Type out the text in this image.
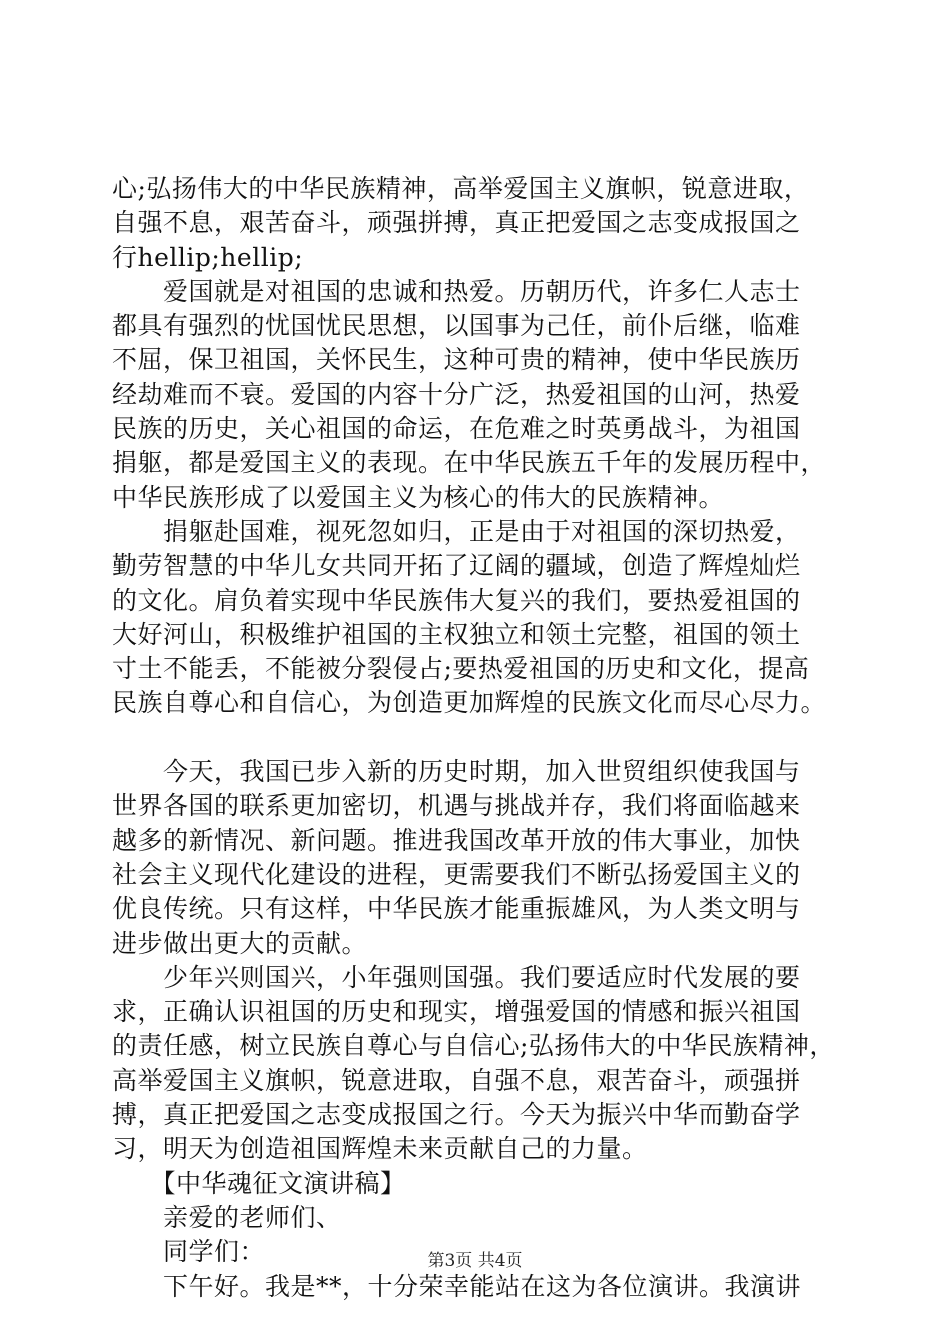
心;弘扬伟大的中华民族精神，高举爱国主义旗帜，锐意进取，
自强不息，艰苦奋斗，顽强拼搏，真正把爱国之志变成报国之
行hellip;hellip;
　　爱国就是对祖国的忠诚和热爱。历朝历代，许多仁人志士
都具有强烈的忧国忧民思想，以国事为己任，前仆后继，临难
不屈，保卫祖国，关怀民生，这种可贵的精神，使中华民族历
经劫难而不衰。爱国的内容十分广泛，热爱祖国的山河，热爱
民族的历史，关心祖国的命运，在危难之时英勇战斗，为祖国
捐躯，都是爱国主义的表现。在中华民族五千年的发展历程中，
中华民族形成了以爱国主义为核心的伟大的民族精神。
　　捐躯赴国难，视死忽如归，正是由于对祖国的深切热爱，
勤劳智慧的中华儿女共同开拓了辽阔的疆域，创造了辉煌灿烂
的文化。肩负着实现中华民族伟大复兴的我们，要热爱祖国的
大好河山，积极维护祖国的主权独立和领土完整，祖国的领土
寸土不能丢，不能被分裂侵占;要热爱祖国的历史和文化，提高
民族自尊心和自信心，为创造更加辉煌的民族文化而尽心尽力。
　　今天，我国已步入新的历史时期，加入世贸组织使我国与
世界各国的联系更加密切，机遇与挑战并存，我们将面临越来
越多的新情况、新问题。推进我国改革开放的伟大事业，加快
社会主义现代化建设的进程，更需要我们不断弘扬爱国主义的
优良传统。只有这样，中华民族才能重振雄风，为人类文明与
进步做出更大的贡献。
　　少年兴则国兴，小年强则国强。我们要适应时代发展的要
求，正确认识祖国的历史和现实，增强爱国的情感和振兴祖国
的责任感，树立民族自尊心与自信心;弘扬伟大的中华民族精神，
高举爱国主义旗帜，锐意进取，自强不息，艰苦奋斗，顽强拼
搏，真正把爱国之志变成报国之行。今天为振兴中华而勤奋学
习，明天为创造祖国辉煌未来贡献自己的力量。
　　【中华魂征文演讲稿】
　　亲爱的老师们、
　　同学们：
　　下午好。我是**，十分荣幸能站在这为各位演讲。我演讲
第3页 共4页
